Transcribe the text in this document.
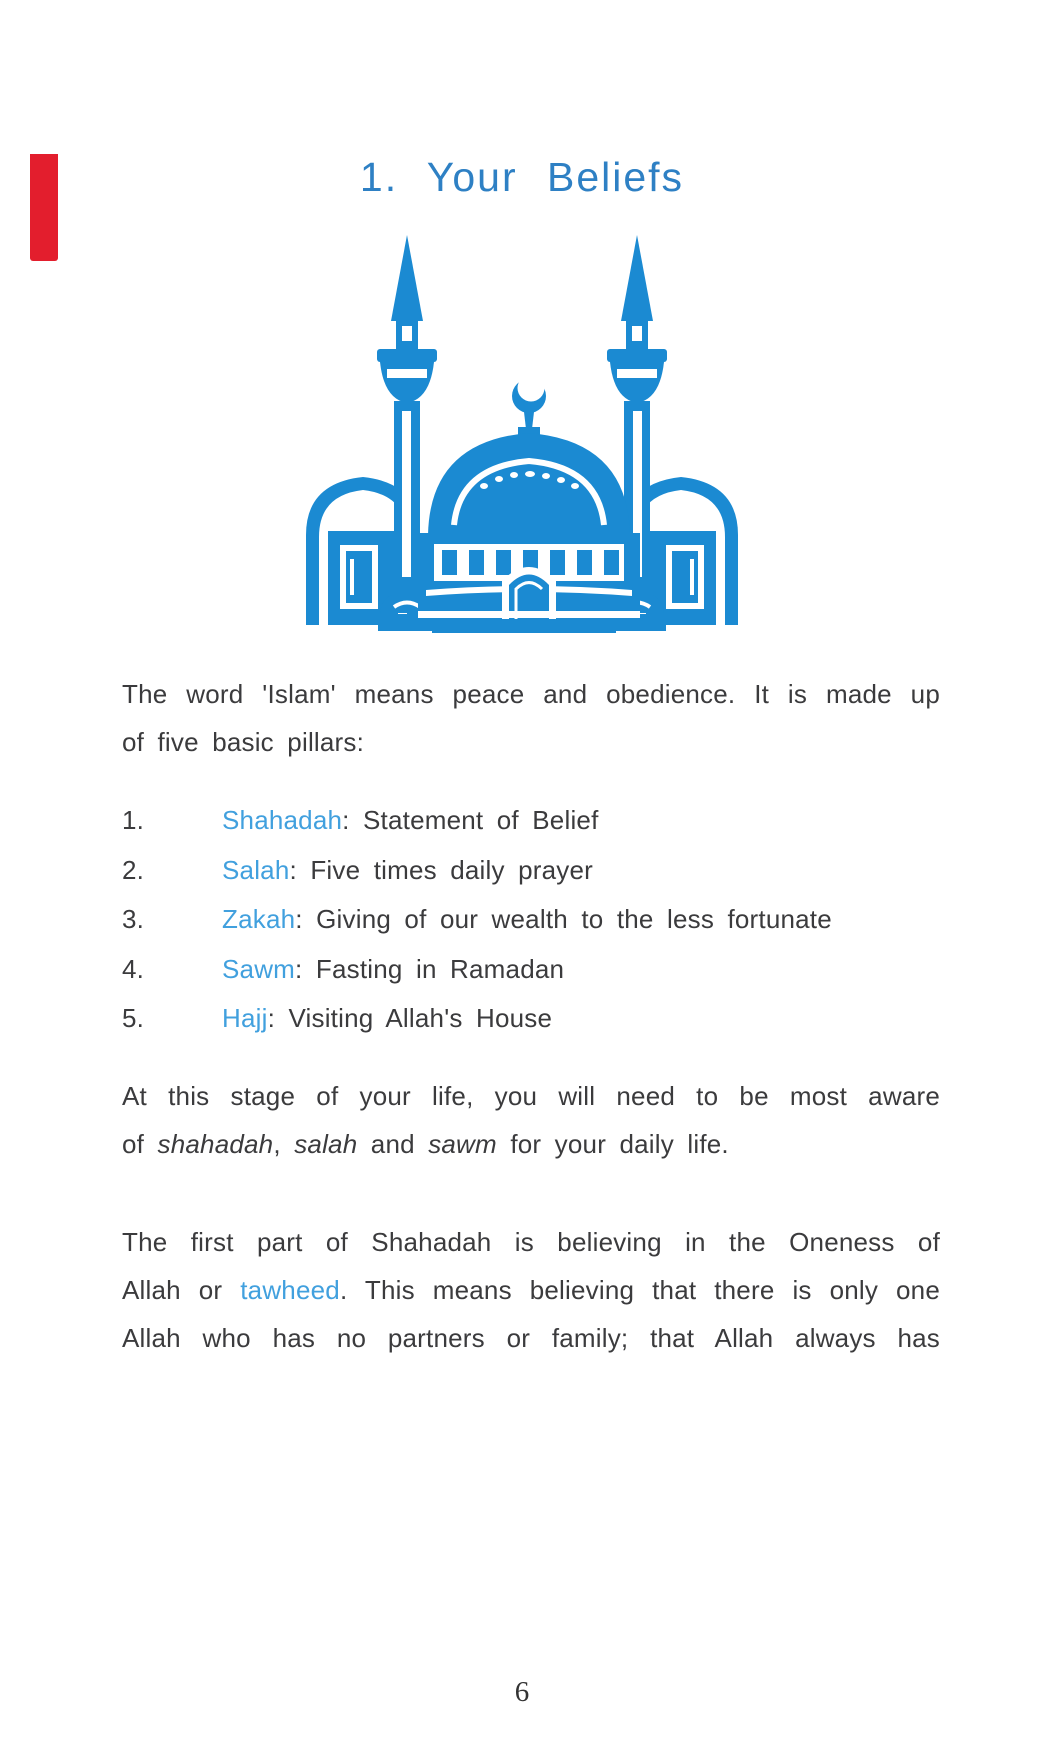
1. Your Beliefs
The word 'Islam' means peace and obedience. It is made up
of five basic pillars:
1.	Shahadah: Statement of Belief
2.	Salah: Five times daily prayer
3.	Zakah: Giving of our wealth to the less fortunate
4.	Sawm: Fasting in Ramadan
5.	Hajj: Visiting Allah's House
At this stage of your life, you will need to be most aware
of shahadah, salah and sawm for your daily life.
The first part of Shahadah is believing in the Oneness of
Allah or tawheed. This means believing that there is only one
Allah who has no partners or family; that Allah always has
6
